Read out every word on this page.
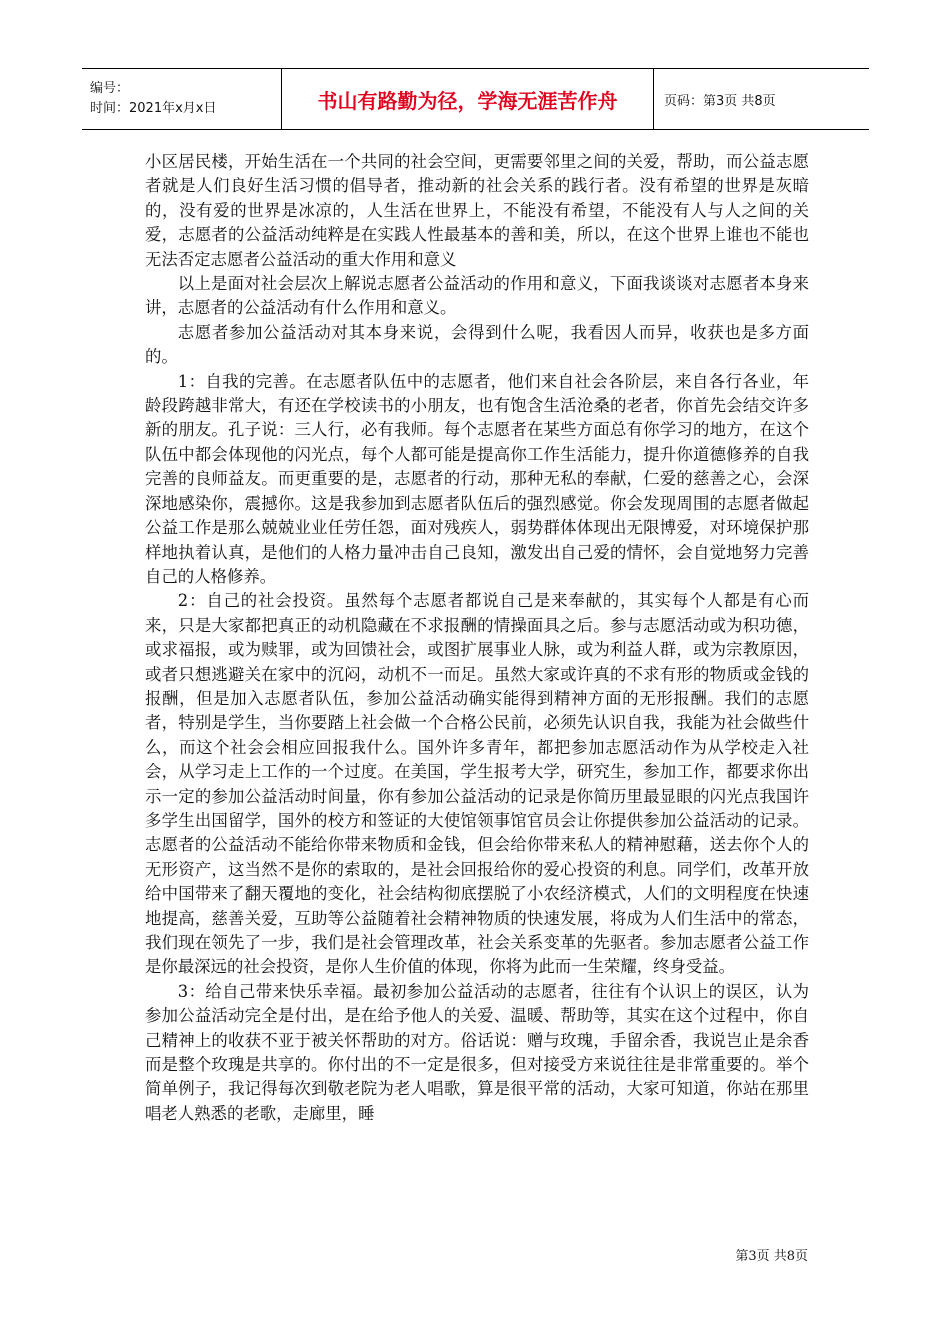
编号：
时间：2021年x月x日	书山有路勤为径，学海无涯苦作舟	页码：第3页 共8页

小区居民楼，开始生活在一个共同的社会空间，更需要邻里之间的关爱，帮助，而公益志愿者就是人们良好生活习惯的倡导者，推动新的社会关系的践行者。没有希望的世界是灰暗的，没有爱的世界是冰凉的，人生活在世界上，不能没有希望，不能没有人与人之间的关爱，志愿者的公益活动纯粹是在实践人性最基本的善和美，所以，在这个世界上谁也不能也无法否定志愿者公益活动的重大作用和意义

以上是面对社会层次上解说志愿者公益活动的作用和意义，下面我谈谈对志愿者本身来讲，志愿者的公益活动有什么作用和意义。

志愿者参加公益活动对其本身来说，会得到什么呢，我看因人而异，收获也是多方面的。

1：自我的完善。在志愿者队伍中的志愿者，他们来自社会各阶层，来自各行各业，年龄段跨越非常大，有还在学校读书的小朋友，也有饱含生活沧桑的老者，你首先会结交许多新的朋友。孔子说：三人行，必有我师。每个志愿者在某些方面总有你学习的地方，在这个队伍中都会体现他的闪光点，每个人都可能是提高你工作生活能力，提升你道德修养的自我完善的良师益友。而更重要的是，志愿者的行动，那种无私的奉献，仁爱的慈善之心，会深深地感染你，震撼你。这是我参加到志愿者队伍后的强烈感觉。你会发现周围的志愿者做起公益工作是那么兢兢业业任劳任怨，面对残疾人，弱势群体体现出无限博爱，对环境保护那样地执着认真，是他们的人格力量冲击自己良知，激发出自己爱的情怀，会自觉地努力完善自己的人格修养。

2：自己的社会投资。虽然每个志愿者都说自己是来奉献的，其实每个人都是有心而来，只是大家都把真正的动机隐藏在不求报酬的情操面具之后。参与志愿活动或为积功德，或求福报，或为赎罪，或为回馈社会，或图扩展事业人脉，或为利益人群，或为宗教原因，或者只想逃避关在家中的沉闷，动机不一而足。虽然大家或许真的不求有形的物质或金钱的报酬，但是加入志愿者队伍，参加公益活动确实能得到精神方面的无形报酬。我们的志愿者，特别是学生，当你要踏上社会做一个合格公民前，必须先认识自我，我能为社会做些什么，而这个社会会相应回报我什么。国外许多青年，都把参加志愿活动作为从学校走入社会，从学习走上工作的一个过度。在美国，学生报考大学，研究生，参加工作，都要求你出示一定的参加公益活动时间量，你有参加公益活动的记录是你简历里最显眼的闪光点我国许多学生出国留学，国外的校方和签证的大使馆领事馆官员会让你提供参加公益活动的记录。志愿者的公益活动不能给你带来物质和金钱，但会给你带来私人的精神慰藉，送去你个人的无形资产，这当然不是你的索取的，是社会回报给你的爱心投资的利息。同学们，改革开放给中国带来了翻天覆地的变化，社会结构彻底摆脱了小农经济模式，人们的文明程度在快速地提高，慈善关爱，互助等公益随着社会精神物质的快速发展，将成为人们生活中的常态，我们现在领先了一步，我们是社会管理改革，社会关系变革的先驱者。参加志愿者公益工作是你最深远的社会投资，是你人生价值的体现，你将为此而一生荣耀，终身受益。

3：给自己带来快乐幸福。最初参加公益活动的志愿者，往往有个认识上的误区，认为参加公益活动完全是付出，是在给予他人的关爱、温暖、帮助等，其实在这个过程中，你自己精神上的收获不亚于被关怀帮助的对方。俗话说：赠与玫瑰，手留余香，我说岂止是余香而是整个玫瑰是共享的。你付出的不一定是很多，但对接受方来说往往是非常重要的。举个简单例子，我记得每次到敬老院为老人唱歌，算是很平常的活动，大家可知道，你站在那里唱老人熟悉的老歌，走廊里，睡

第3页 共8页
